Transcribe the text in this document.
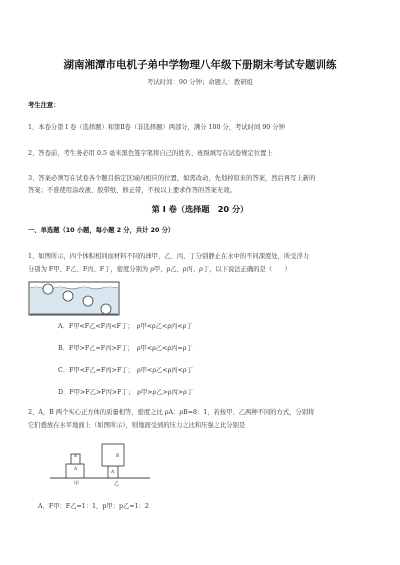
湖南湘潭市电机子弟中学物理八年级下册期末考试专题训练
考试时间：90 分钟；命题人：教研组
考生注意：
1、本卷分第 I 卷（选择题）和第Ⅱ卷（非选择题）两部分，满分 100 分，考试时间 90 分钟
2、答卷前，考生务必用 0.5 毫米黑色签字笔将自己的姓名、班级填写在试卷规定位置上
3、答案必须写在试卷各个题目指定区域内相应的位置，如需改动，先划掉原来的答案，然后再写上新的
答案；不准使用涂改液、胶带纸、修正带，不按以上要求作答的答案无效。
第 I 卷（选择题　20 分）
一、单选题（10 小题，每小题 2 分，共计 20 分）
1、如图所示，四个体积相同而材料不同的球甲、乙、丙、丁分别静止在水中的不同深度处，所受浮力
分别为 F甲、F乙、F丙、F丁，密度分别为 ρ甲、ρ乙、ρ丙、ρ丁，以下说法正确的是（　　）
A．F甲<F乙<F丙<F丁；　ρ甲<ρ乙<ρ丙<ρ丁
B．F甲>F乙=F丙>F丁；　ρ甲<ρ乙<ρ丙=ρ丁
C．F甲<F乙=F丙>F丁；　ρ甲<ρ乙<ρ丙<ρ丁
D．F甲>F乙>F丙>F丁；　ρ甲>ρ乙>ρ丙>ρ丁
2、A，B 两个实心正方体的质量相等，密度之比 ρA：ρB=8：1，若按甲、乙两种不同的方式，分别将
它们叠放在水平地面上（如图所示），则地面受到的压力之比和压强之比分别是
A
B
A
B
甲	乙
A．F甲：F乙=1：1，p甲：p乙=1：2
